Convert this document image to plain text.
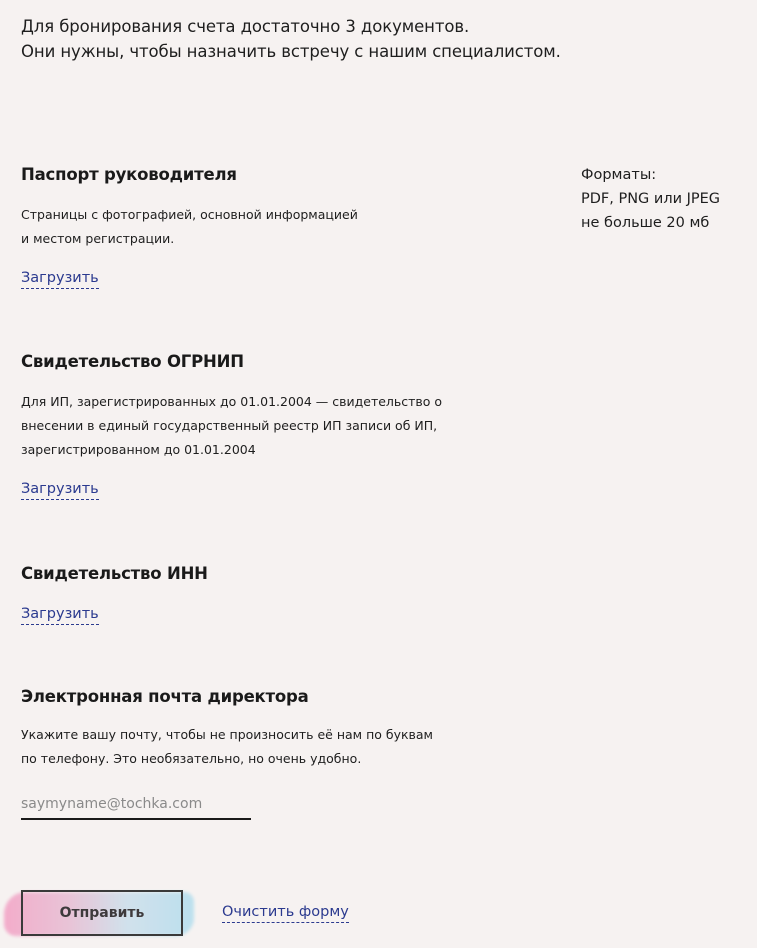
Для бронирования счета достаточно 3 документов.
Они нужны, чтобы назначить встречу с нашим специалистом.
Форматы:
PDF, PNG или JPEG
не больше 20 мб
Паспорт руководителя
Страницы с фотографией, основной информацией
и местом регистрации.
Загрузить
Свидетельство ОГРНИП
Для ИП, зарегистрированных до 01.01.2004 — свидетельство о
внесении в единый государственный реестр ИП записи об ИП,
зарегистрированном до 01.01.2004
Загрузить
Свидетельство ИНН
Загрузить
Электронная почта директора
Укажите вашу почту, чтобы не произносить её нам по буквам
по телефону. Это необязательно, но очень удобно.
saymyname@tochka.com
Отправить	Очистить форму
